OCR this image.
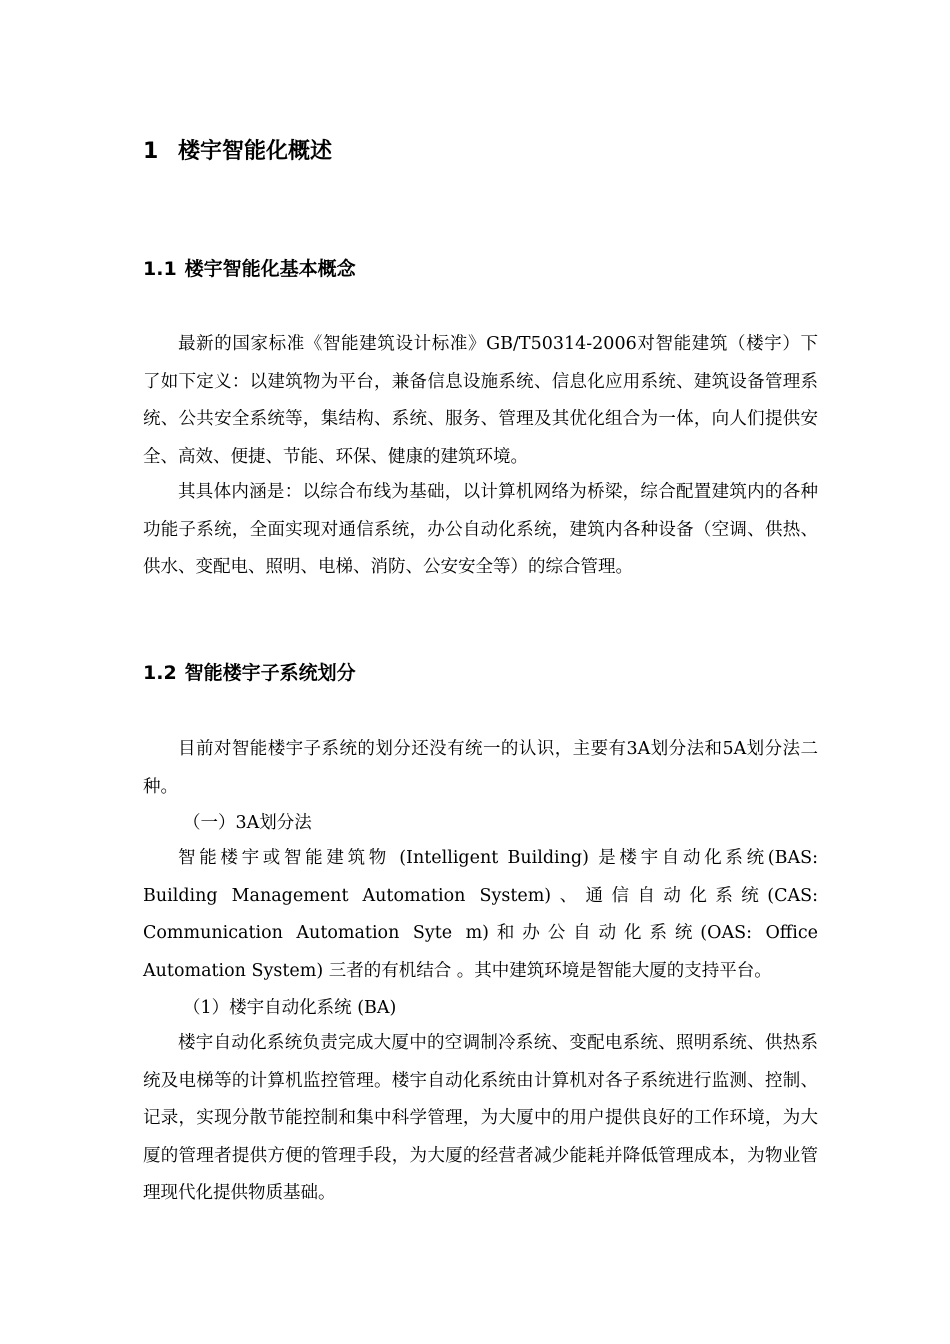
1 楼宇智能化概述
1.1 楼宇智能化基本概念
最新的国家标准《智能建筑设计标准》GB/T50314-2006对智能建筑（楼宇）下了如下定义：以建筑物为平台，兼备信息设施系统、信息化应用系统、建筑设备管理系统、公共安全系统等，集结构、系统、服务、管理及其优化组合为一体，向人们提供安全、高效、便捷、节能、环保、健康的建筑环境。
其具体内涵是：以综合布线为基础，以计算机网络为桥梁，综合配置建筑内的各种功能子系统，全面实现对通信系统，办公自动化系统，建筑内各种设备（空调、供热、供水、变配电、照明、电梯、消防、公安安全等）的综合管理。
1.2 智能楼宇子系统划分
目前对智能楼宇子系统的划分还没有统一的认识，主要有3A划分法和5A划分法二种。
（一）3A划分法
智能楼宇或智能建筑物 (Intelligent Building) 是楼宇自动化系统(BAS: Building Management Automation System)、通信自动化系统(CAS: Communication Automation Syte m)和办公自动化系统(OAS: Office Automation System) 三者的有机结合 。其中建筑环境是智能大厦的支持平台。
（1）楼宇自动化系统 (BA)
楼宇自动化系统负责完成大厦中的空调制冷系统、变配电系统、照明系统、供热系统及电梯等的计算机监控管理。楼宇自动化系统由计算机对各子系统进行监测、控制、记录，实现分散节能控制和集中科学管理，为大厦中的用户提供良好的工作环境，为大厦的管理者提供方便的管理手段，为大厦的经营者减少能耗并降低管理成本，为物业管理现代化提供物质基础。
